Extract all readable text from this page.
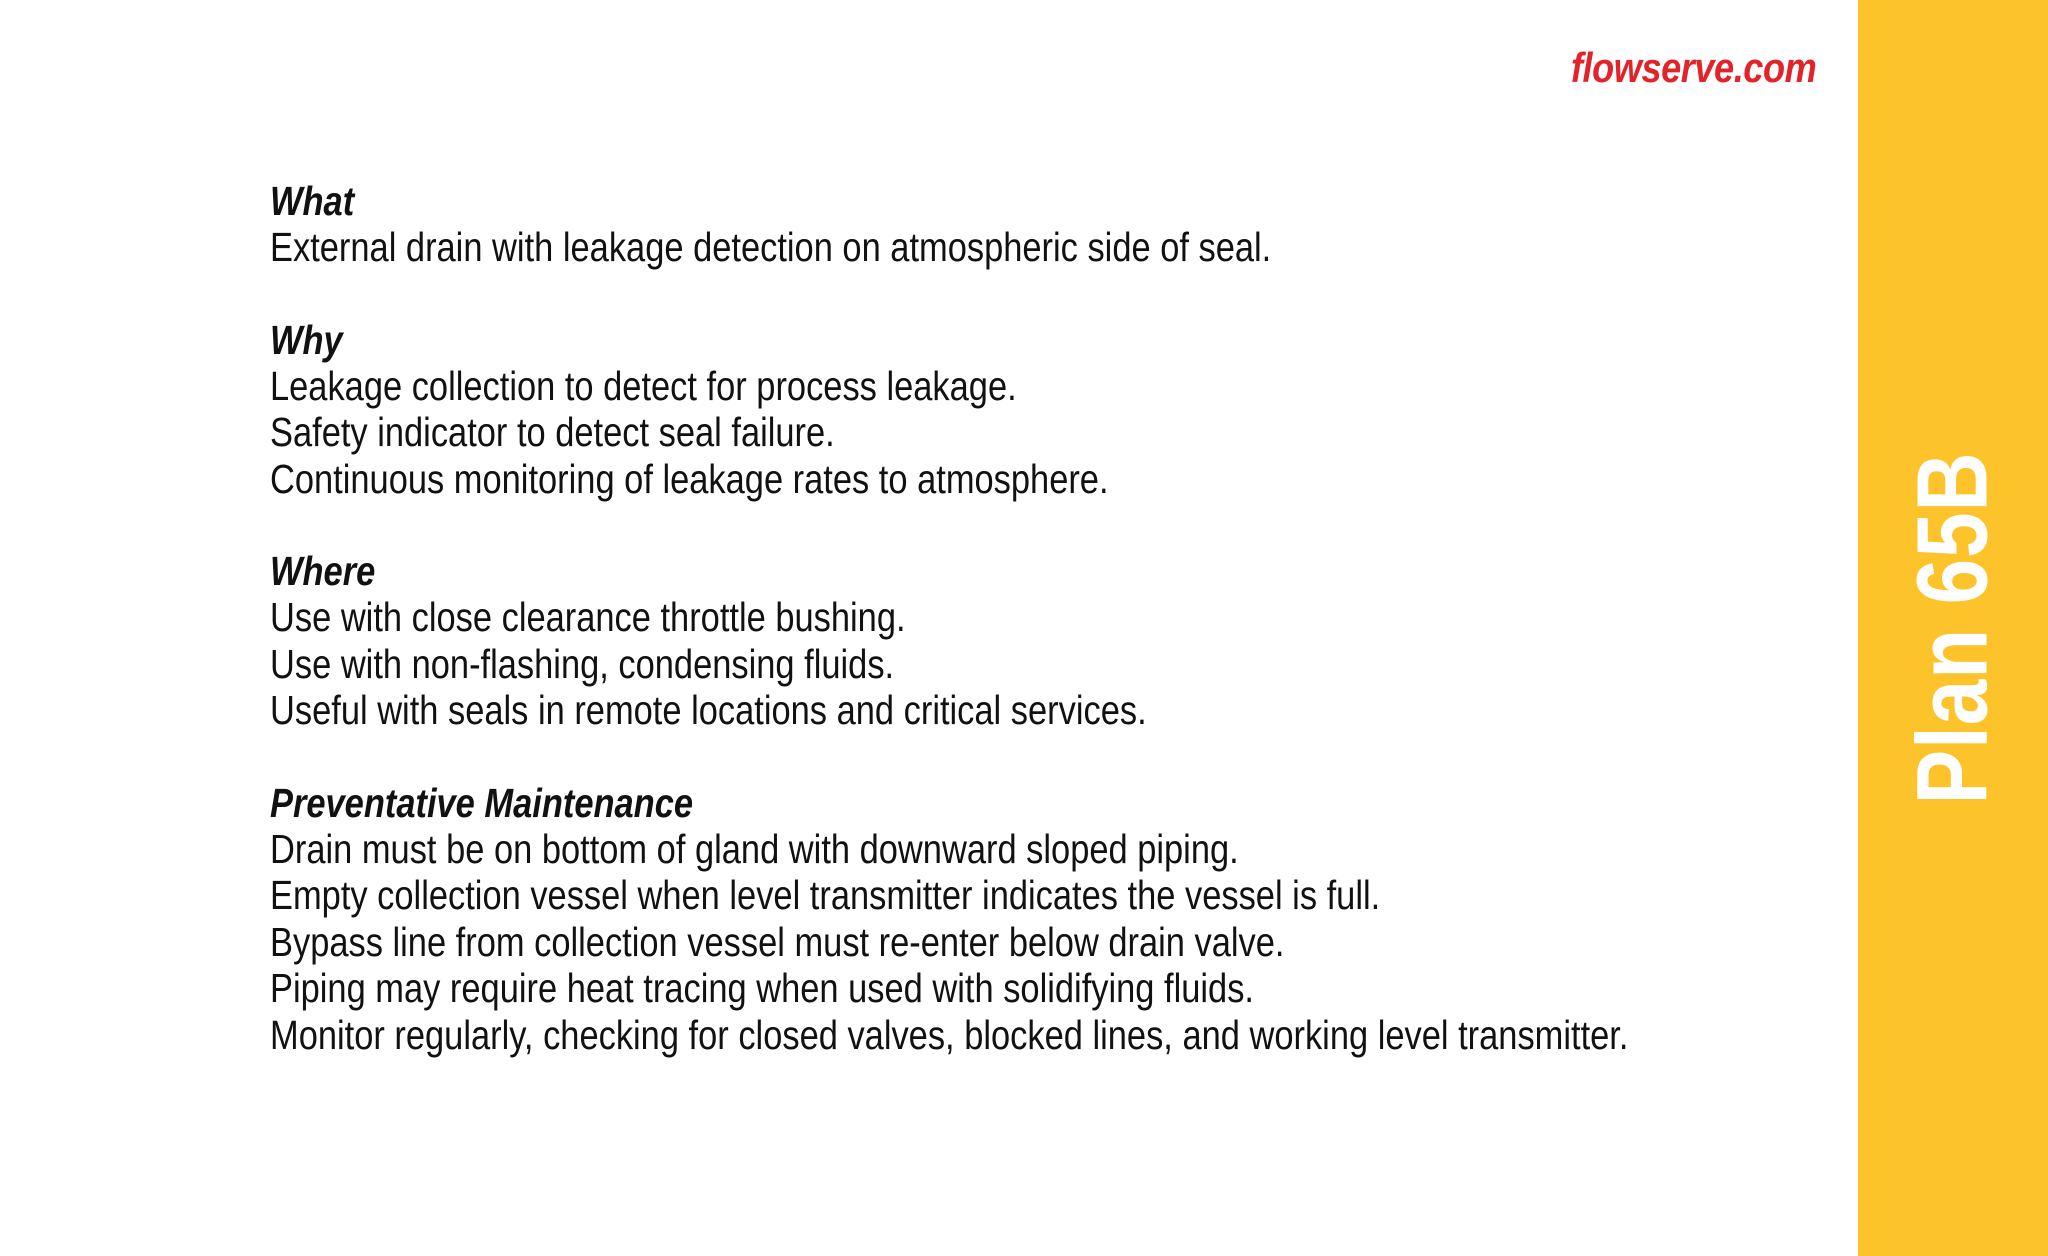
flowserve.com
What
External drain with leakage detection on atmospheric side of seal.
Why
Leakage collection to detect for process leakage.
Safety indicator to detect seal failure.
Continuous monitoring of leakage rates to atmosphere.
Where
Use with close clearance throttle bushing.
Use with non-flashing, condensing fluids.
Useful with seals in remote locations and critical services.
Preventative Maintenance
Drain must be on bottom of gland with downward sloped piping.
Empty collection vessel when level transmitter indicates the vessel is full.
Bypass line from collection vessel must re-enter below drain valve.
Piping may require heat tracing when used with solidifying fluids.
Monitor regularly, checking for closed valves, blocked lines, and working level transmitter.
Plan 65B
